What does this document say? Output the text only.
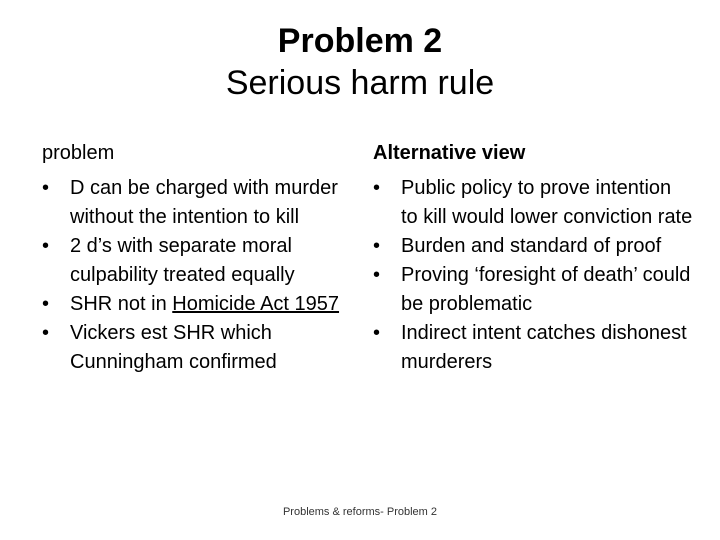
Problem 2
Serious harm rule
problem
•	D can be charged with murder without the intention to kill
•	2 d’s with separate moral culpability treated equally
•	SHR not in Homicide Act 1957
•	Vickers est SHR which Cunningham confirmed
Alternative view
•	Public policy to prove intention to kill would lower conviction rate
•	Burden and standard of proof
•	Proving ‘foresight of death’ could be problematic
•	Indirect intent catches dishonest murderers
Problems & reforms- Problem 2
